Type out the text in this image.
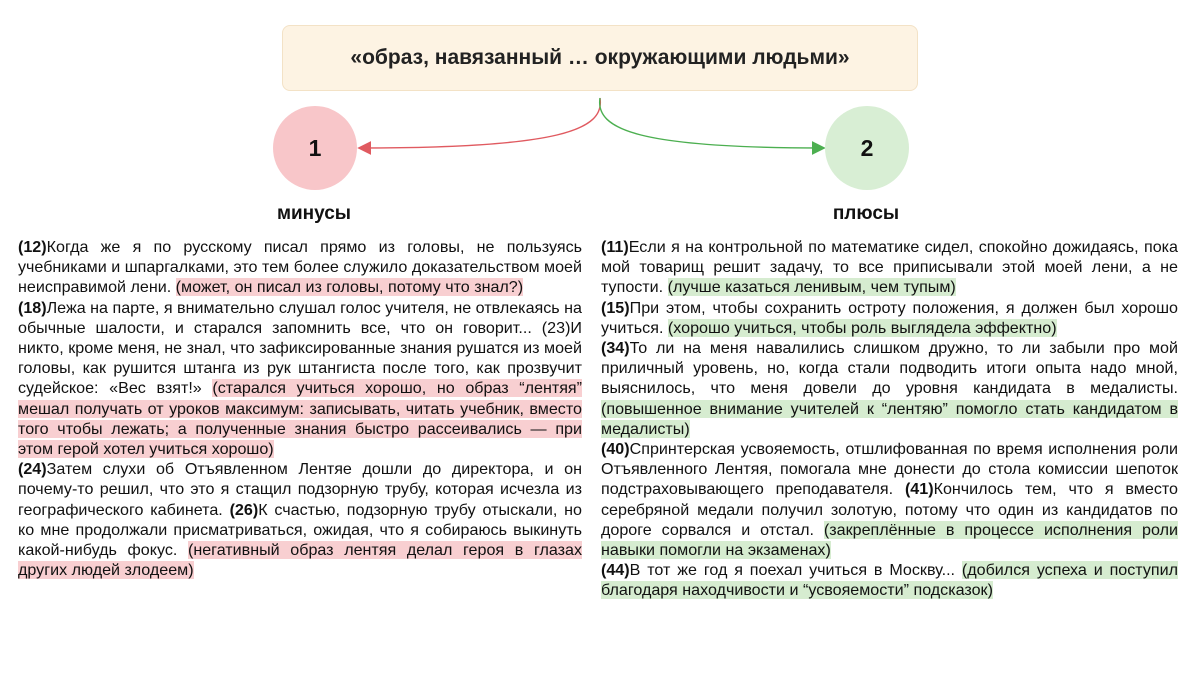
«образ, навязанный … окружающими людьми»
1	2
минусы	плюсы
(12)Когда же я по русскому писал прямо из головы, не пользуясь учебниками и шпаргалками, это тем более служило доказательством моей неисправимой лени. (может, он писал из головы, потому что знал?)
(18)Лежа на парте, я внимательно слушал голос учителя, не отвлекаясь на обычные шалости, и старался запомнить все, что он говорит... (23)И никто, кроме меня, не знал, что зафиксированные знания рушатся из моей головы, как рушится штанга из рук штангиста после того, как прозвучит судейское: «Вес взят!» (старался учиться хорошо, но образ “лентяя” мешал получать от уроков максимум: записывать, читать учебник, вместо того чтобы лежать; а полученные знания быстро рассеивались — при этом герой хотел учиться хорошо)
(24)Затем слухи об Отъявленном Лентяе дошли до директора, и он почему-то решил, что это я стащил подзорную трубу, которая исчезла из географического кабинета. (26)К счастью, подзорную трубу отыскали, но ко мне продолжали присматриваться, ожидая, что я собираюсь выкинуть какой-нибудь фокус. (негативный образ лентяя делал героя в глазах других людей злодеем)
(11)Если я на контрольной по математике сидел, спокойно дожидаясь, пока мой товарищ решит задачу, то все приписывали этой моей лени, а не тупости. (лучше казаться ленивым, чем тупым)
(15)При этом, чтобы сохранить остроту положения, я должен был хорошо учиться. (хорошо учиться, чтобы роль выглядела эффектно)
(34)То ли на меня навалились слишком дружно, то ли забыли про мой приличный уровень, но, когда стали подводить итоги опыта надо мной, выяснилось, что меня довели до уровня кандидата в медалисты. (повышенное внимание учителей к “лентяю” помогло стать кандидатом в медалисты)
(40)Спринтерская усвояемость, отшлифованная по время исполнения роли Отъявленного Лентяя, помогала мне донести до стола комиссии шепоток подстраховывающего преподавателя. (41)Кончилось тем, что я вместо серебряной медали получил золотую, потому что один из кандидатов по дороге сорвался и отстал. (закреплённые в процессе исполнения роли навыки помогли на экзаменах)
(44)В тот же год я поехал учиться в Москву... (добился успеха и поступил благодаря находчивости и “усвояемости” подсказок)
